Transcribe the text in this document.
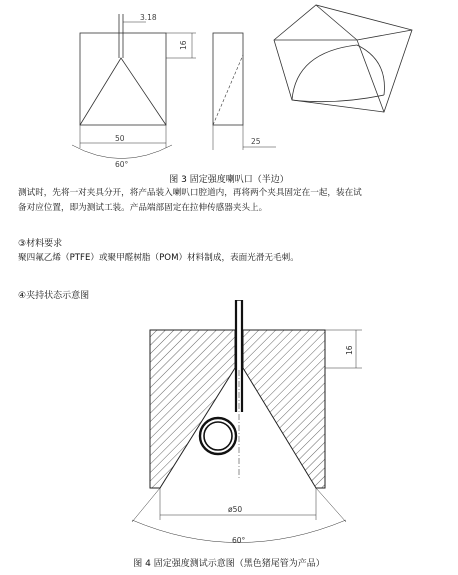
3.18
16
50
60°
25
图 3 固定强度喇叭口（半边）
测试时，先将一对夹具分开，将产品装入喇叭口腔道内，再将两个夹具固定在一起，装在试
备对应位置，即为测试工装。产品端部固定在拉伸传感器夹头上。
③材料要求
聚四氟乙烯（PTFE）或聚甲醛树脂（POM）材料制成，表面光滑无毛刺。
④夹持状态示意图
16
ø50
60°
图 4 固定强度测试示意图（黑色猪尾管为产品）
